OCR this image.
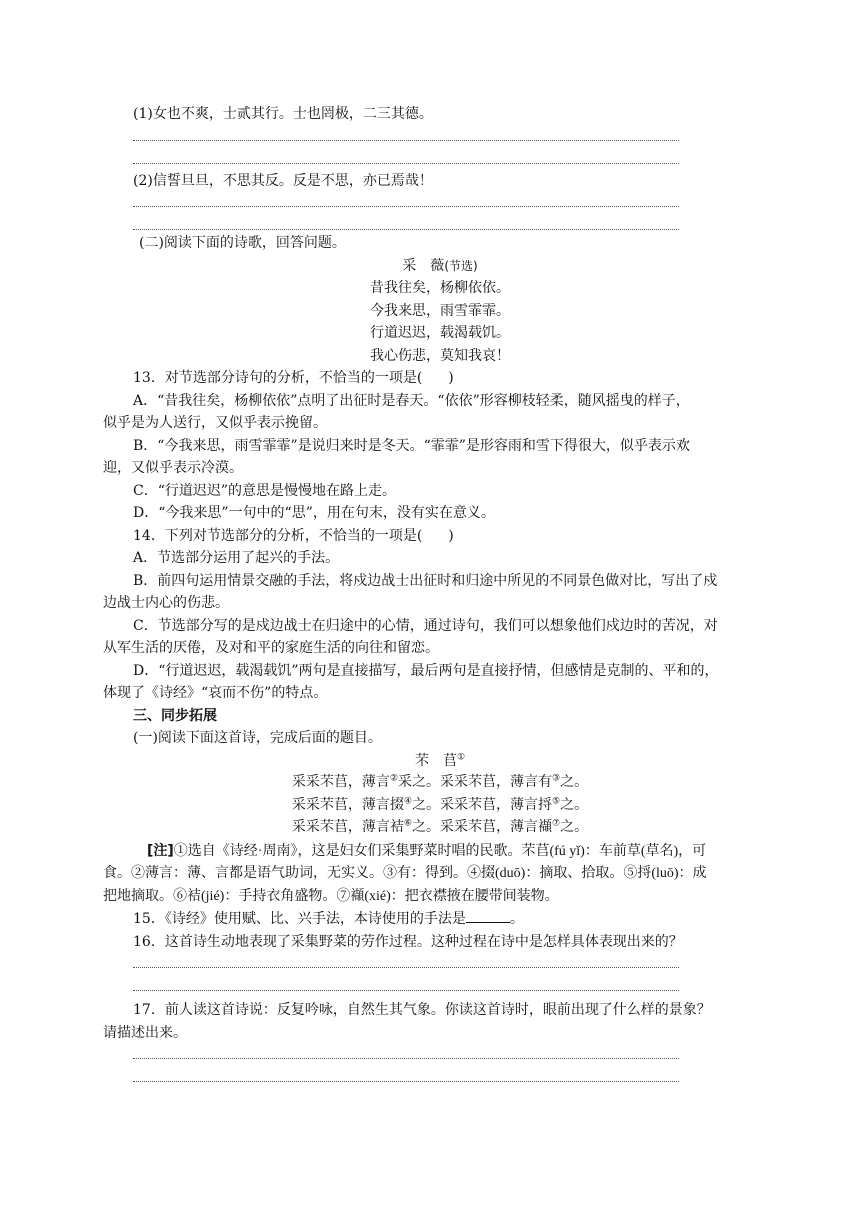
(1)女也不爽，士贰其行。士也罔极，二三其德。
(2)信誓旦旦，不思其反。反是不思，亦已焉哉！
(二)阅读下面的诗歌，回答问题。
采　薇(节选)
昔我往矣，杨柳依依。
今我来思，雨雪霏霏。
行道迟迟，载渴载饥。
我心伤悲，莫知我哀！
13．对节选部分诗句的分析，不恰当的一项是( )
A．“昔我往矣，杨柳依依”点明了出征时是春天。“依依”形容柳枝轻柔，随风摇曳的样子，
似乎是为人送行，又似乎表示挽留。
B．“今我来思，雨雪霏霏”是说归来时是冬天。“霏霏”是形容雨和雪下得很大，似乎表示欢
迎，又似乎表示冷漠。
C．“行道迟迟”的意思是慢慢地在路上走。
D．“今我来思”一句中的“思”，用在句末，没有实在意义。
14．下列对节选部分的分析，不恰当的一项是( )
A．节选部分运用了起兴的手法。
B．前四句运用情景交融的手法，将戍边战士出征时和归途中所见的不同景色做对比，写出了戍
边战士内心的伤悲。
C．节选部分写的是戍边战士在归途中的心情，通过诗句，我们可以想象他们戍边时的苦况，对
从军生活的厌倦，及对和平的家庭生活的向往和留恋。
D．“行道迟迟，载渴载饥”两句是直接描写，最后两句是直接抒情，但感情是克制的、平和的，
体现了《诗经》“哀而不伤”的特点。
三、同步拓展
(一)阅读下面这首诗，完成后面的题目。
芣　苢①
采采芣苢，薄言②采之。采采芣苢，薄言有③之。
采采芣苢，薄言掇④之。采采芣苢，薄言捋⑤之。
采采芣苢，薄言袺⑥之。采采芣苢，薄言襭⑦之。
[注]①选自《诗经·周南》，这是妇女们采集野菜时唱的民歌。芣苢(fú yǐ)：车前草(草名)，可
食。②薄言：薄、言都是语气助词，无实义。③有：得到。④掇(duō)：摘取、拾取。⑤捋(luō)：成
把地摘取。⑥袺(jié)：手持衣角盛物。⑦襭(xié)：把衣襟掖在腰带间装物。
15．《诗经》使用赋、比、兴手法，本诗使用的手法是	。
16．这首诗生动地表现了采集野菜的劳作过程。这种过程在诗中是怎样具体表现出来的？
17．前人读这首诗说：反复吟咏，自然生其气象。你读这首诗时，眼前出现了什么样的景象？
请描述出来。
